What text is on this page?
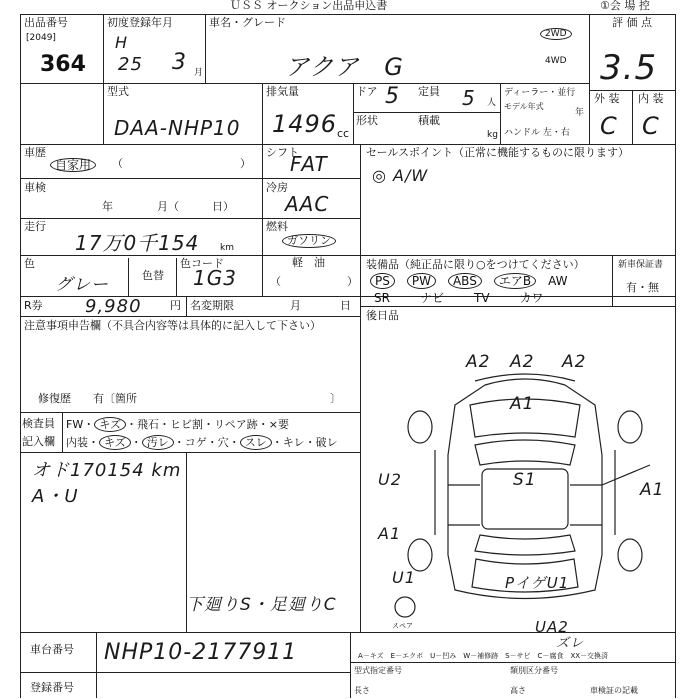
ＵＳＳ オークション出品申込書	①会 場 控
出品番号
[2049]
364
初度登録年月
H
25 3 月
車名・グレード
アクア　G
2WD
4WD
評 価 点
3.5
型式
DAA-NHP10
排気量
1496 cc
ドア 5 定員 5 人
ディーラー・並行
モデル年式
年
形状	積載
kg ハンドル 左・右
外 装 内 装
C C
車歴
自家用	（	）
シフト
FAT
車検
年　　　　月（　　　日）
冷房
AAC
走行
17万0千154 km
燃料
ガソリン
軽　油
（　　　　　　）
色
グレー	色替
色コード
1G3
R券 9,980	円 名変期限	月	日
注意事項申告欄（不具合内容等は具体的に記入して下さい）
修復歴　　有〔箇所	〕
検査員
記入欄
FW・ キズ ・飛石・ヒビ割・リペア跡・×要
内装・ キズ ・ 汚レ ・コゲ・穴・ スレ ・キレ・破レ
オド170154 km
A・U
下廻りS・足廻りC
セールスポイント（正常に機能するものに限ります）
◎ A/W
装備品（純正品に限り○をつけてください）	新車保証書
有・無
PS PW ABS エアB AW
SR	ナビ	TV	カワ
後日品
スペア
A2 A2 A2
A1
S1
U2
A1
U1
A1
PイゲU1
UA2
ズレ
車台番号 NHP10-2177911
登録番号
A－キズ　E－エクボ　U－凹み　W－補修跡　S－サビ　C－腐食　XX－交換済
型式指定番号	類別区分番号
長さ	高さ	車検証の記載
